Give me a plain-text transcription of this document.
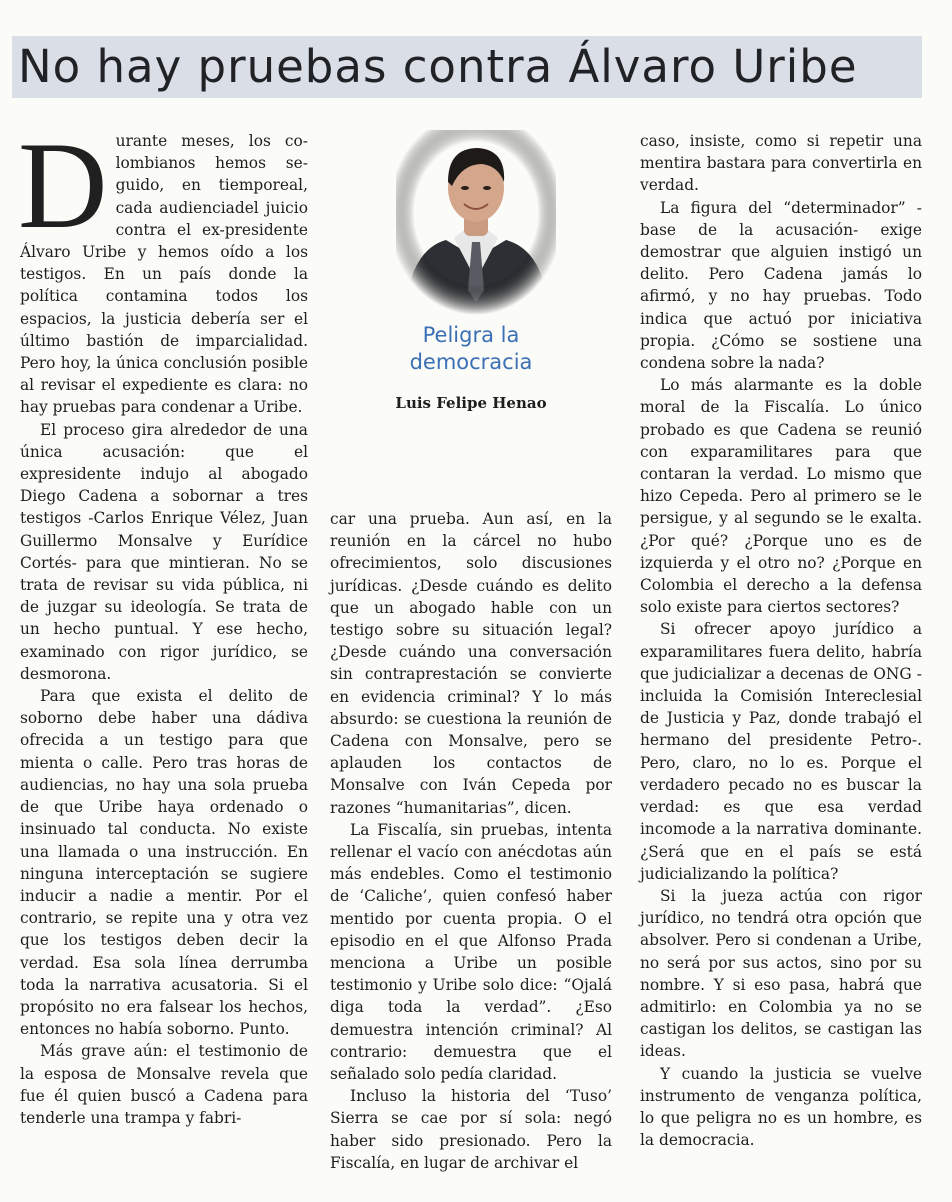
No hay pruebas contra Álvaro Uribe
D urante meses, los co-lombianos hemos se-guido, en tiemporeal, cada audienciadel juicio contra el ex-presidente Álvaro Uribe y hemos oído a los testigos. En un país donde la política contamina todos los espacios, la justicia debería ser el último bastión de imparcialidad. Pero hoy, la única conclusión posible al revisar el expediente es clara: no hay pruebas para condenar a Uribe.

El proceso gira alrededor de una única acusación: que el expresidente indujo al abogado Diego Cadena a sobornar a tres testigos -Carlos Enrique Vélez, Juan Guillermo Monsalve y Eurídice Cortés- para que mintieran. No se trata de revisar su vida pública, ni de juzgar su ideología. Se trata de un hecho puntual. Y ese hecho, examinado con rigor jurídico, se desmorona.

Para que exista el delito de soborno debe haber una dádiva ofrecida a un testigo para que mienta o calle. Pero tras horas de audiencias, no hay una sola prueba de que Uribe haya ordenado o insinuado tal conducta. No existe una llamada o una instrucción. En ninguna interceptación se sugiere inducir a nadie a mentir. Por el contrario, se repite una y otra vez que los testigos deben decir la verdad. Esa sola línea derrumba toda la narrativa acusatoria. Si el propósito no era falsear los hechos, entonces no había soborno. Punto.

Más grave aún: el testimonio de la esposa de Monsalve revela que fue él quien buscó a Cadena para tenderle una trampa y fabri-

Peligra la
democracia
Luis Felipe Henao

car una prueba. Aun así, en la reunión en la cárcel no hubo ofrecimientos, solo discusiones jurídicas. ¿Desde cuándo es delito que un abogado hable con un testigo sobre su situación legal? ¿Desde cuándo una conversación sin contraprestación se convierte en evidencia criminal? Y lo más absurdo: se cuestiona la reunión de Cadena con Monsalve, pero se aplauden los contactos de Monsalve con Iván Cepeda por razones “humanitarias”, dicen.

La Fiscalía, sin pruebas, intenta rellenar el vacío con anécdotas aún más endebles. Como el testimonio de ‘Caliche’, quien confesó haber mentido por cuenta propia. O el episodio en el que Alfonso Prada menciona a Uribe un posible testimonio y Uribe solo dice: “Ojalá diga toda la verdad”. ¿Eso demuestra intención criminal? Al contrario: demuestra que el señalado solo pedía claridad.

Incluso la historia del ‘Tuso’ Sierra se cae por sí sola: negó haber sido presionado. Pero la Fiscalía, en lugar de archivar el

caso, insiste, como si repetir una mentira bastara para convertirla en verdad.

La figura del “determinador” -base de la acusación- exige demostrar que alguien instigó un delito. Pero Cadena jamás lo afirmó, y no hay pruebas. Todo indica que actuó por iniciativa propia. ¿Cómo se sostiene una condena sobre la nada?

Lo más alarmante es la doble moral de la Fiscalía. Lo único probado es que Cadena se reunió con exparamilitares para que contaran la verdad. Lo mismo que hizo Cepeda. Pero al primero se le persigue, y al segundo se le exalta. ¿Por qué? ¿Porque uno es de izquierda y el otro no? ¿Porque en Colombia el derecho a la defensa solo existe para ciertos sectores?

Si ofrecer apoyo jurídico a exparamilitares fuera delito, habría que judicializar a decenas de ONG -incluida la Comisión Intereclesial de Justicia y Paz, donde trabajó el hermano del presidente Petro-. Pero, claro, no lo es. Porque el verdadero pecado no es buscar la verdad: es que esa verdad incomode a la narrativa dominante. ¿Será que en el país se está judicializando la política?

Si la jueza actúa con rigor jurídico, no tendrá otra opción que absolver. Pero si condenan a Uribe, no será por sus actos, sino por su nombre. Y si eso pasa, habrá que admitirlo: en Colombia ya no se castigan los delitos, se castigan las ideas.

Y cuando la justicia se vuelve instrumento de venganza política, lo que peligra no es un hombre, es la democracia.
